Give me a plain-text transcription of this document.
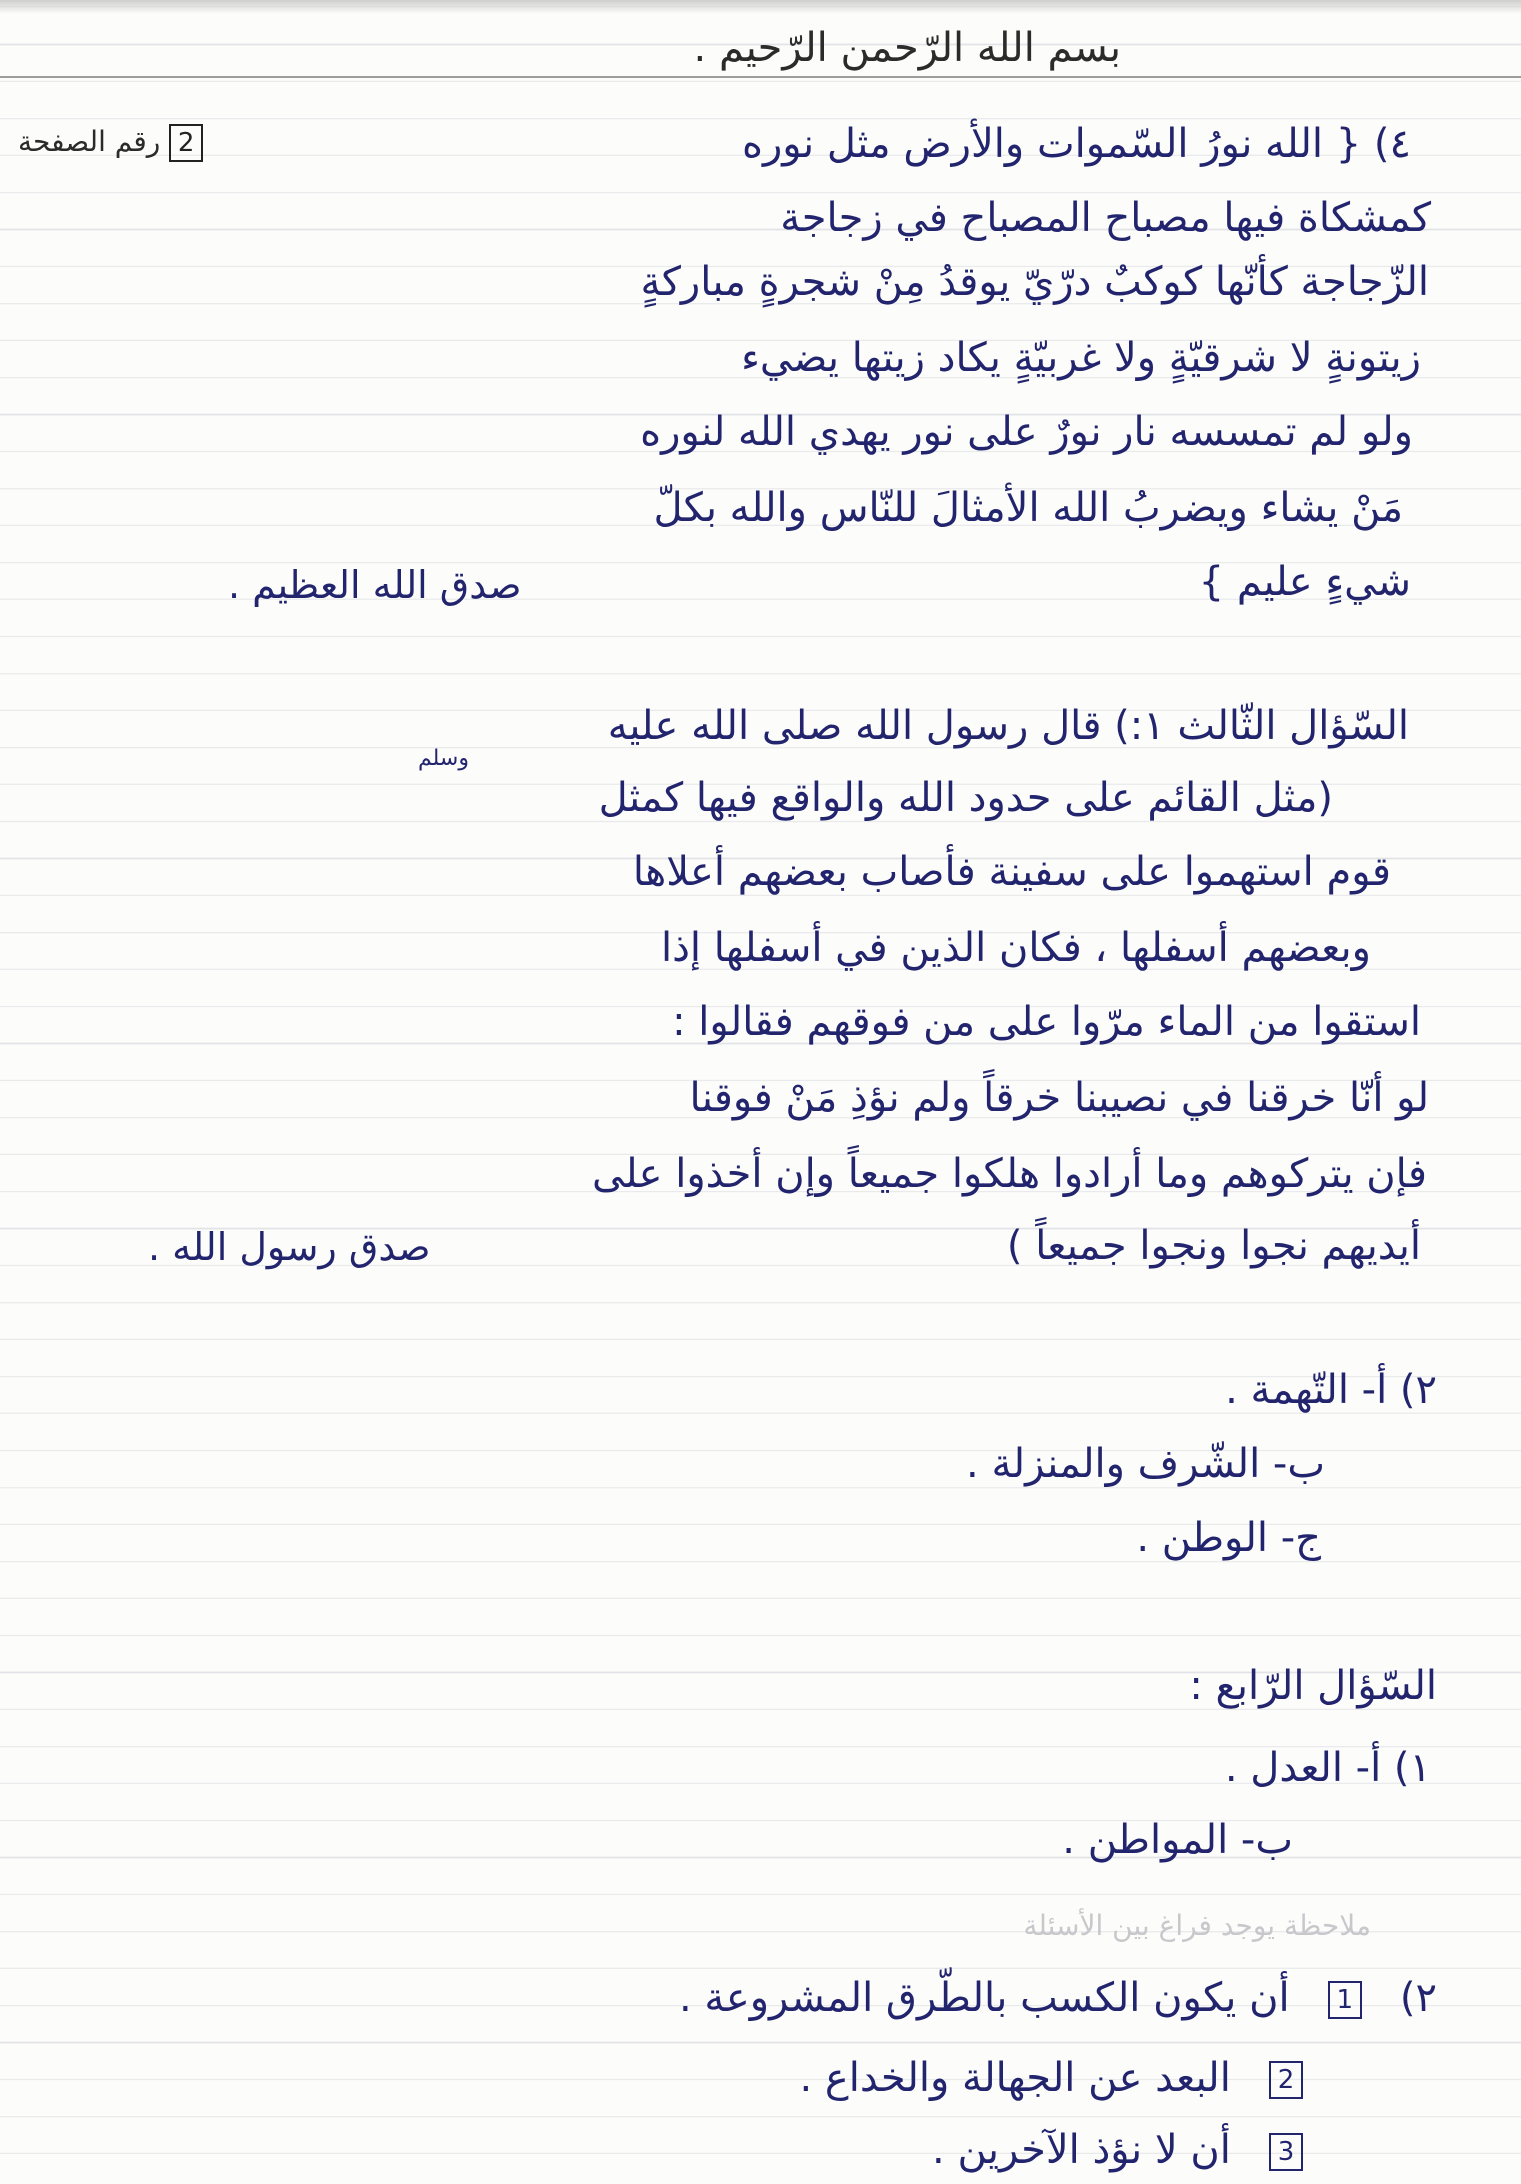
بسم الله الرّحمن الرّحيم .
2 رقم الصفحة	٤) { الله نورُ السّموات والأرض مثل نوره
كمشكاة فيها مصباح المصباح في زجاجة
الزّجاجة كأنّها كوكبٌ درّيّ يوقدُ مِنْ شجرةٍ مباركةٍ
زيتونةٍ لا شرقيّةٍ ولا غربيّةٍ يكاد زيتها يضيء
ولو لم تمسسه نار نورٌ على نور يهدي الله لنوره
مَنْ يشاء ويضربُ الله الأمثالَ للنّاس والله بكلّ
شيءٍ عليم }
صدق الله العظيم .
السّؤال الثّالث ١:) قال رسول الله صلى الله عليه
وسلم
(مثل القائم على حدود الله والواقع فيها كمثل
قوم استهموا على سفينة فأصاب بعضهم أعلاها
وبعضهم أسفلها ، فكان الذين في أسفلها إذا
استقوا من الماء مرّوا على من فوقهم فقالوا :
لو أنّا خرقنا في نصيبنا خرقاً ولم نؤذِ مَنْ فوقنا
فإن يتركوهم وما أرادوا هلكوا جميعاً وإن أخذوا على
أيديهم نجوا ونجوا جميعاً )
صدق رسول الله .
٢) أ- التّهمة .
ب- الشّرف والمنزلة .
ج- الوطن .
السّؤال الرّابع :
١) أ- العدل .
ب- المواطن .
ملاحظة يوجد فراغ بين الأسئلة
٢)   1   أن يكون الكسب بالطّرق المشروعة .
2   البعد عن الجهالة والخداع .
3   أن لا نؤذ الآخرين .
